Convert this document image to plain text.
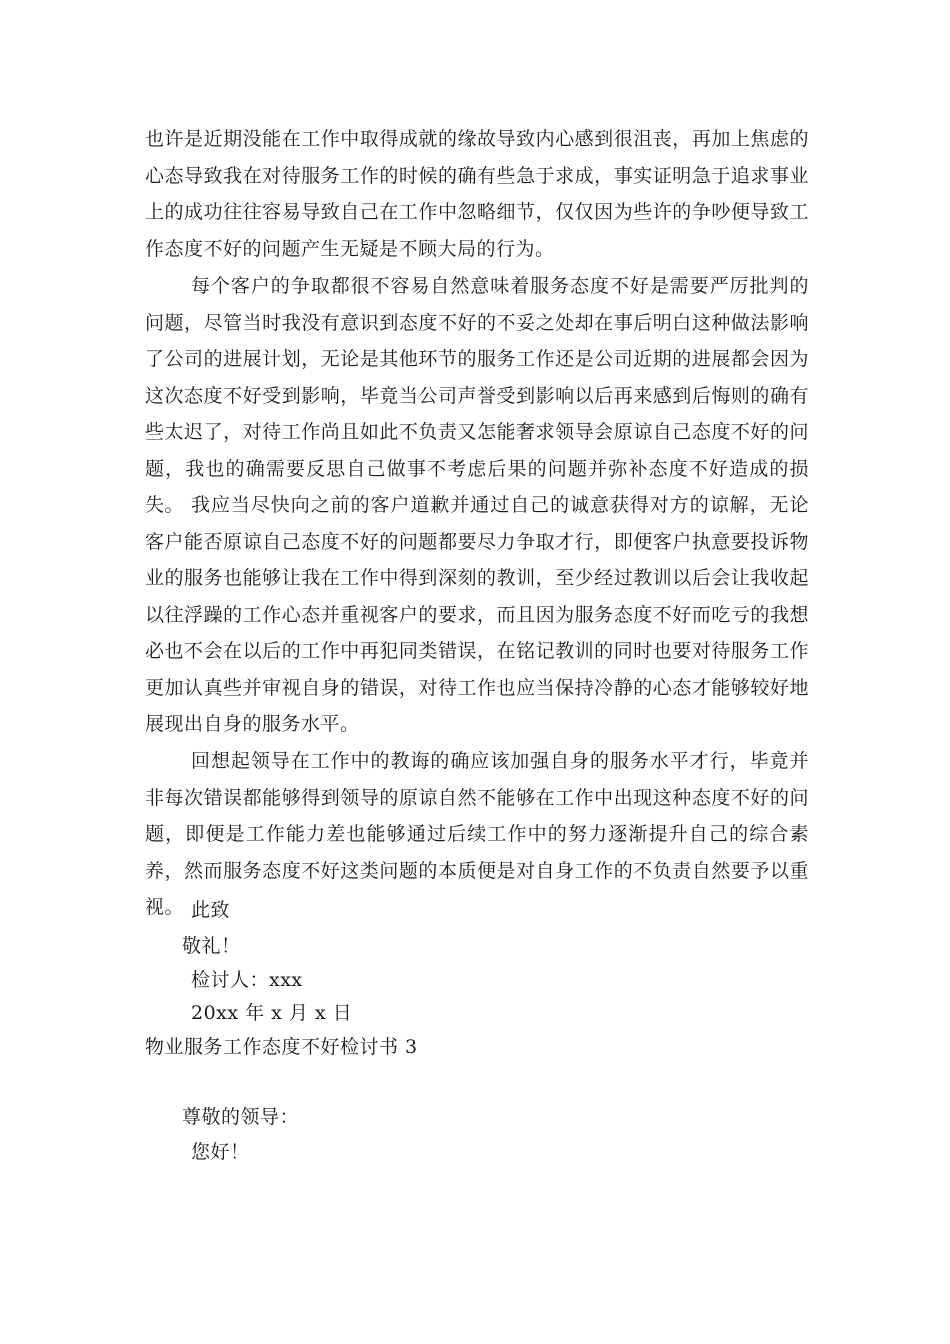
也许是近期没能在工作中取得成就的缘故导致内心感到很沮丧，再加上焦虑的心态导致我在对待服务工作的时候的确有些急于求成，事实证明急于追求事业上的成功往往容易导致自己在工作中忽略细节，仅仅因为些许的争吵便导致工作态度不好的问题产生无疑是不顾大局的行为。

每个客户的争取都很不容易自然意味着服务态度不好是需要严厉批判的问题，尽管当时我没有意识到态度不好的不妥之处却在事后明白这种做法影响了公司的进展计划，无论是其他环节的服务工作还是公司近期的进展都会因为这次态度不好受到影响，毕竟当公司声誉受到影响以后再来感到后悔则的确有些太迟了，对待工作尚且如此不负责又怎能奢求领导会原谅自己态度不好的问题，我也的确需要反思自己做事不考虑后果的问题并弥补态度不好造成的损失。 我应当尽快向之前的客户道歉并通过自己的诚意获得对方的谅解，无论客户能否原谅自己态度不好的问题都要尽力争取才行，即便客户执意要投诉物业的服务也能够让我在工作中得到深刻的教训，至少经过教训以后会让我收起以往浮躁的工作心态并重视客户的要求，而且因为服务态度不好而吃亏的我想必也不会在以后的工作中再犯同类错误，在铭记教训的同时也要对待服务工作更加认真些并审视自身的错误，对待工作也应当保持冷静的心态才能够较好地展现出自身的服务水平。

回想起领导在工作中的教诲的确应该加强自身的服务水平才行，毕竟并非每次错误都能够得到领导的原谅自然不能够在工作中出现这种态度不好的问题，即便是工作能力差也能够通过后续工作中的努力逐渐提升自己的综合素养，然而服务态度不好这类问题的本质便是对自身工作的不负责自然要予以重视。 此致

敬礼！

检讨人：xxx

20xx 年 x 月 x 日

物业服务工作态度不好检讨书 3

尊敬的领导：

您好！
